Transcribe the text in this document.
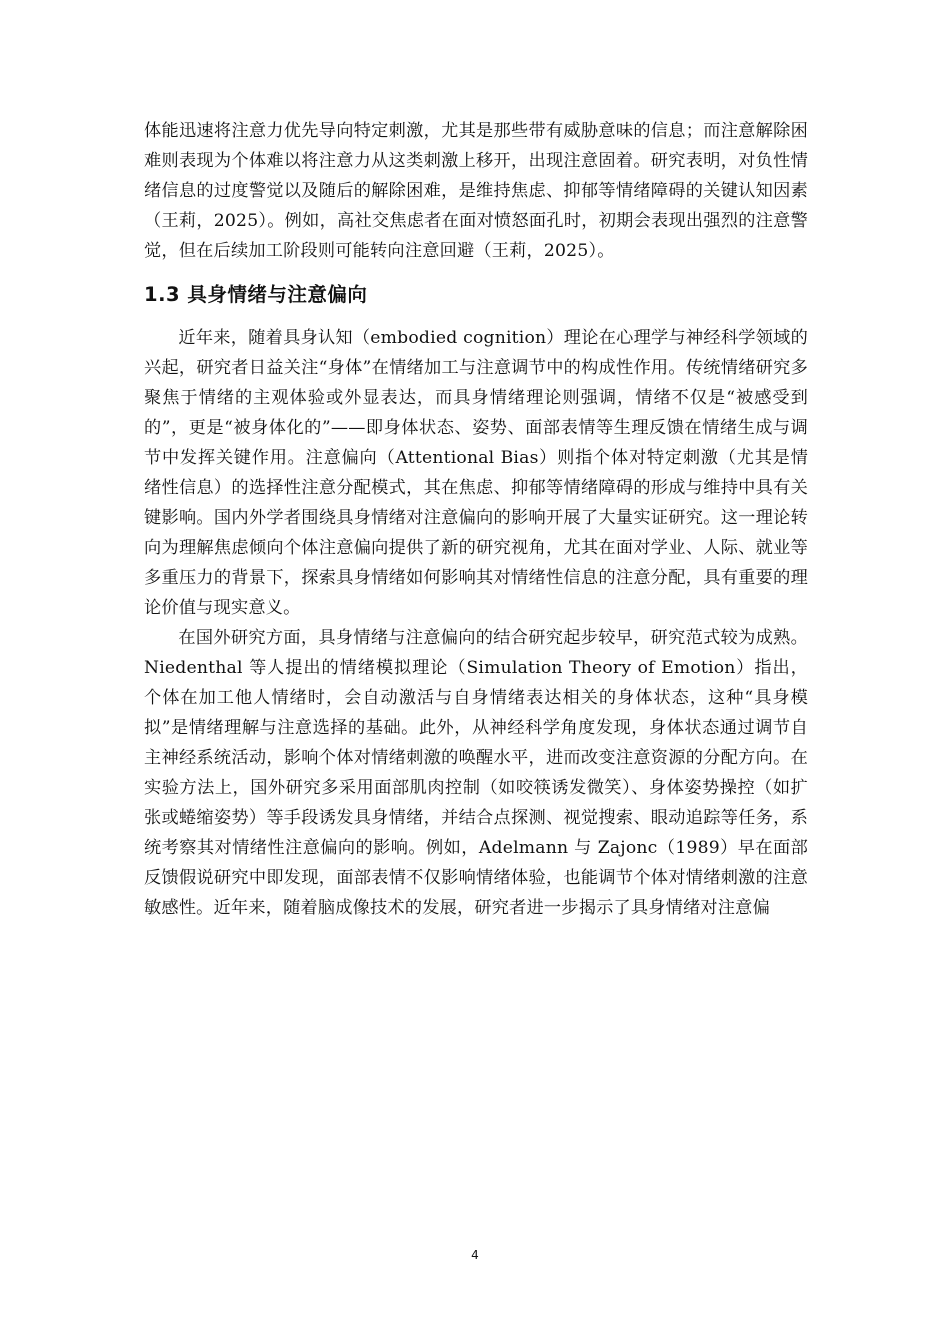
体能迅速将注意力优先导向特定刺激，尤其是那些带有威胁意味的信息；而注意解除困难则表现为个体难以将注意力从这类刺激上移开，出现注意固着。研究表明，对负性情绪信息的过度警觉以及随后的解除困难，是维持焦虑、抑郁等情绪障碍的关键认知因素（王莉，2025）。例如，高社交焦虑者在面对愤怒面孔时，初期会表现出强烈的注意警觉，但在后续加工阶段则可能转向注意回避（王莉，2025）。

1.3 具身情绪与注意偏向

近年来，随着具身认知（embodied cognition）理论在心理学与神经科学领域的兴起，研究者日益关注“身体”在情绪加工与注意调节中的构成性作用。传统情绪研究多聚焦于情绪的主观体验或外显表达，而具身情绪理论则强调，情绪不仅是“被感受到的”，更是“被身体化的”——即身体状态、姿势、面部表情等生理反馈在情绪生成与调节中发挥关键作用。注意偏向（Attentional Bias）则指个体对特定刺激（尤其是情绪性信息）的选择性注意分配模式，其在焦虑、抑郁等情绪障碍的形成与维持中具有关键影响。国内外学者围绕具身情绪对注意偏向的影响开展了大量实证研究。这一理论转向为理解焦虑倾向个体注意偏向提供了新的研究视角，尤其在面对学业、人际、就业等多重压力的背景下，探索具身情绪如何影响其对情绪性信息的注意分配，具有重要的理论价值与现实意义。

在国外研究方面，具身情绪与注意偏向的结合研究起步较早，研究范式较为成熟。Niedenthal 等人提出的情绪模拟理论（Simulation Theory of Emotion）指出，个体在加工他人情绪时，会自动激活与自身情绪表达相关的身体状态，这种“具身模拟”是情绪理解与注意选择的基础。此外，从神经科学角度发现，身体状态通过调节自主神经系统活动，影响个体对情绪刺激的唤醒水平，进而改变注意资源的分配方向。在实验方法上，国外研究多采用面部肌肉控制（如咬筷诱发微笑）、身体姿势操控（如扩张或蜷缩姿势）等手段诱发具身情绪，并结合点探测、视觉搜索、眼动追踪等任务，系统考察其对情绪性注意偏向的影响。例如，Adelmann 与 Zajonc（1989）早在面部反馈假说研究中即发现，面部表情不仅影响情绪体验，也能调节个体对情绪刺激的注意敏感性。近年来，随着脑成像技术的发展，研究者进一步揭示了具身情绪对注意偏

4
